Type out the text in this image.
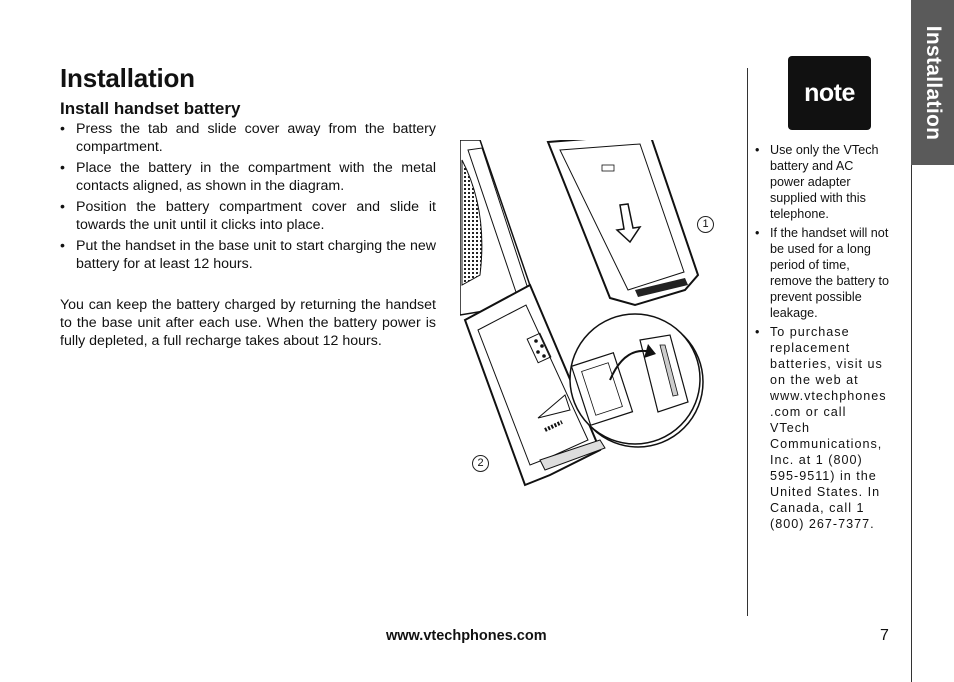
Installation
Install handset battery
• Press the tab and slide cover away from the battery compartment.
• Place the battery in the compartment with the metal contacts aligned, as shown in the diagram.
• Position the battery compartment cover and slide it towards the unit until it clicks into place.
• Put the handset in the base unit to start charging the new battery for at least 12 hours.

You can keep the battery charged by returning the handset to the base unit after each use. When the battery power is fully depleted, a full recharge takes about 12 hours.

1
2
note
• Use only the VTech battery and AC power adapter supplied with this telephone.
• If the handset will not be used for a long period of time, remove the battery to prevent possible leakage.
• To purchase replacement batteries, visit us on the web at www.vtechphones.com or call VTech Communications, Inc. at 1 (800) 595-9511) in the United States. In Canada, call 1 (800) 267-7377.
Installation

www.vtechphones.com	7
